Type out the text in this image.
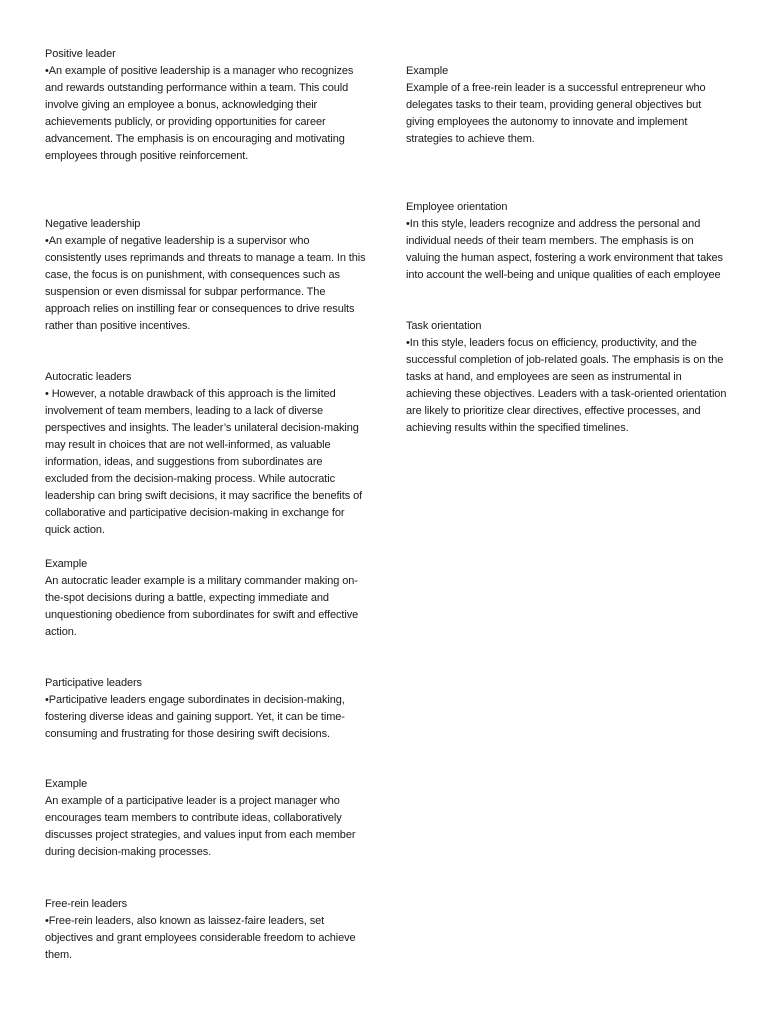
Positive leader
•An example of positive leadership is a manager who recognizes and rewards outstanding performance within a team. This could involve giving an employee a bonus, acknowledging their achievements publicly, or providing opportunities for career advancement. The emphasis is on encouraging and motivating employees through positive reinforcement.
Negative leadership
•An example of negative leadership is a supervisor who consistently uses reprimands and threats to manage a team. In this case, the focus is on punishment, with consequences such as suspension or even dismissal for subpar performance. The approach relies on instilling fear or consequences to drive results rather than positive incentives.
Autocratic leaders
• However, a notable drawback of this approach is the limited involvement of team members, leading to a lack of diverse perspectives and insights. The leader’s unilateral decision-making may result in choices that are not well-informed, as valuable information, ideas, and suggestions from subordinates are excluded from the decision-making process. While autocratic leadership can bring swift decisions, it may sacrifice the benefits of collaborative and participative decision-making in exchange for quick action.
Example
An autocratic leader example is a military commander making on-the-spot decisions during a battle, expecting immediate and unquestioning obedience from subordinates for swift and effective action.
Participative leaders
•Participative leaders engage subordinates in decision-making, fostering diverse ideas and gaining support. Yet, it can be time-consuming and frustrating for those desiring swift decisions.
Example
An example of a participative leader is a project manager who encourages team members to contribute ideas, collaboratively discusses project strategies, and values input from each member during decision-making processes.
Free-rein leaders
•Free-rein leaders, also known as laissez-faire leaders, set objectives and grant employees considerable freedom to achieve them.
Example
Example of a free-rein leader is a successful entrepreneur who delegates tasks to their team, providing general objectives but giving employees the autonomy to innovate and implement strategies to achieve them.
Employee orientation
•In this style, leaders recognize and address the personal and individual needs of their team members. The emphasis is on valuing the human aspect, fostering a work environment that takes into account the well-being and unique qualities of each employee
Task orientation
•In this style, leaders focus on efficiency, productivity, and the successful completion of job-related goals. The emphasis is on the tasks at hand, and employees are seen as instrumental in achieving these objectives. Leaders with a task-oriented orientation are likely to prioritize clear directives, effective processes, and achieving results within the specified timelines.
